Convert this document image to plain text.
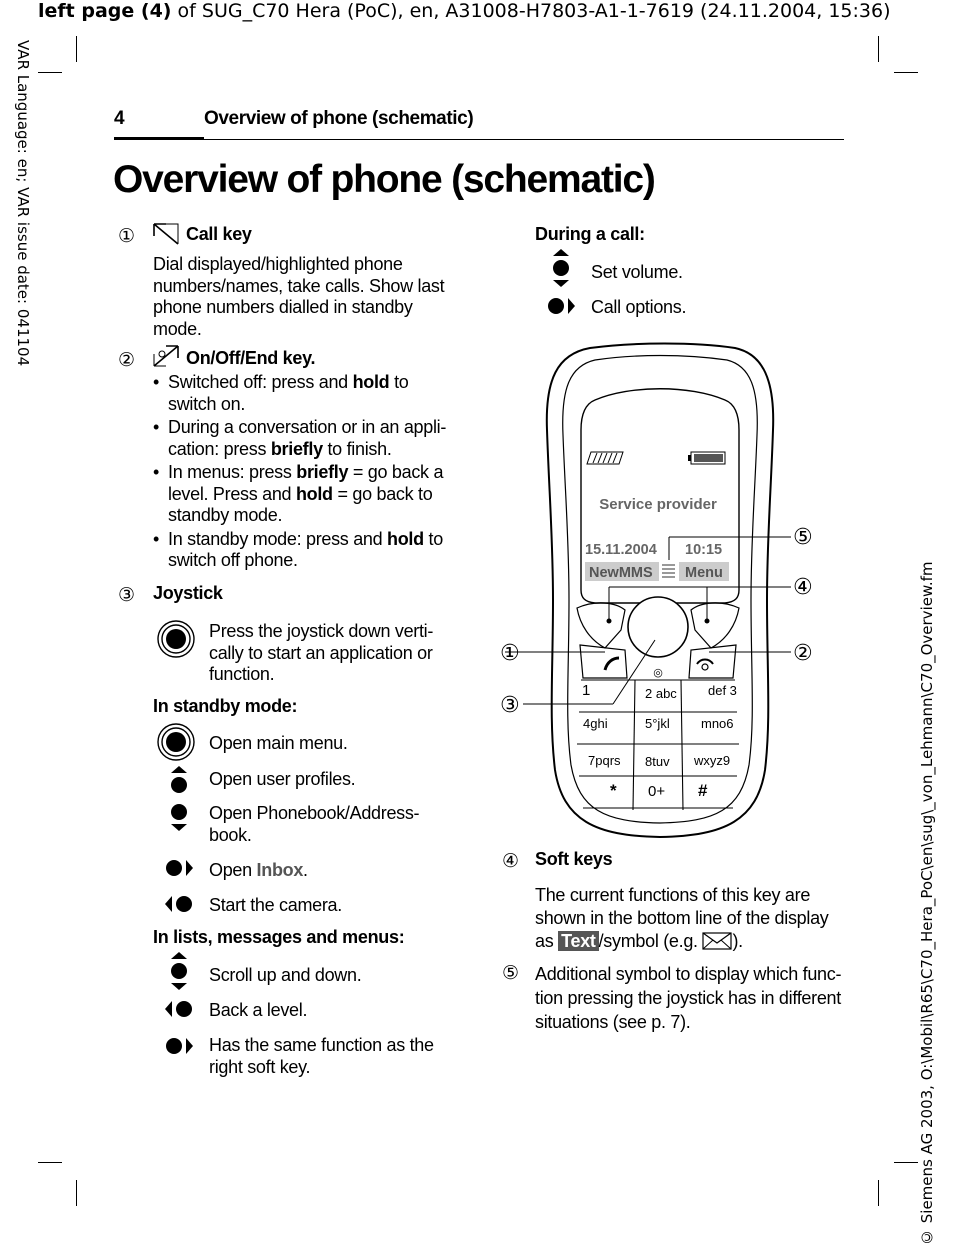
left page (4) of SUG_C70 Hera (PoC), en, A31008-H7803-A1-1-7619 (24.11.2004, 15:36)
VAR Language: en; VAR issue date: 041104
© Siemens AG 2003, O:\Mobil\R65\C70_Hera_PoC\en\sug\_von_Lehmann\C70_Overview.fm
4	Overview of phone (schematic)
Overview of phone (schematic)
①	Call key
Dial displayed/highlighted phone numbers/names, take calls. Show last phone numbers dialled in standby mode.
②	On/Off/End key.
• Switched off: press and hold to switch on.
• During a conversation or in an appli-cation: press briefly to finish.
• In menus: press briefly = go back a level. Press and hold = go back to standby mode.
• In standby mode: press and hold to switch off phone.
③ Joystick
Press the joystick down verti-cally to start an application or function.
In standby mode:
Open main menu.
Open user profiles.
Open Phonebook/Address-book.
Open Inbox.
Start the camera.
In lists, messages and menus:
Scroll up and down.
Back a level.
Has the same function as the right soft key.
During a call:
Set volume.
Call options.
Service provider
15.11.2004 10:15
NewMMS Menu
◎
1	2 abc def 3
4ghi	5°jkl mno6
7pqrs 8tuv wxyz9
* 0+ #
①	②
③
④
⑤
④ Soft keys
The current functions of this key are shown in the bottom line of the display as Text /symbol (e.g. ).
⑤ Additional symbol to display which func-tion pressing the joystick has in different situations (see p. 7).
